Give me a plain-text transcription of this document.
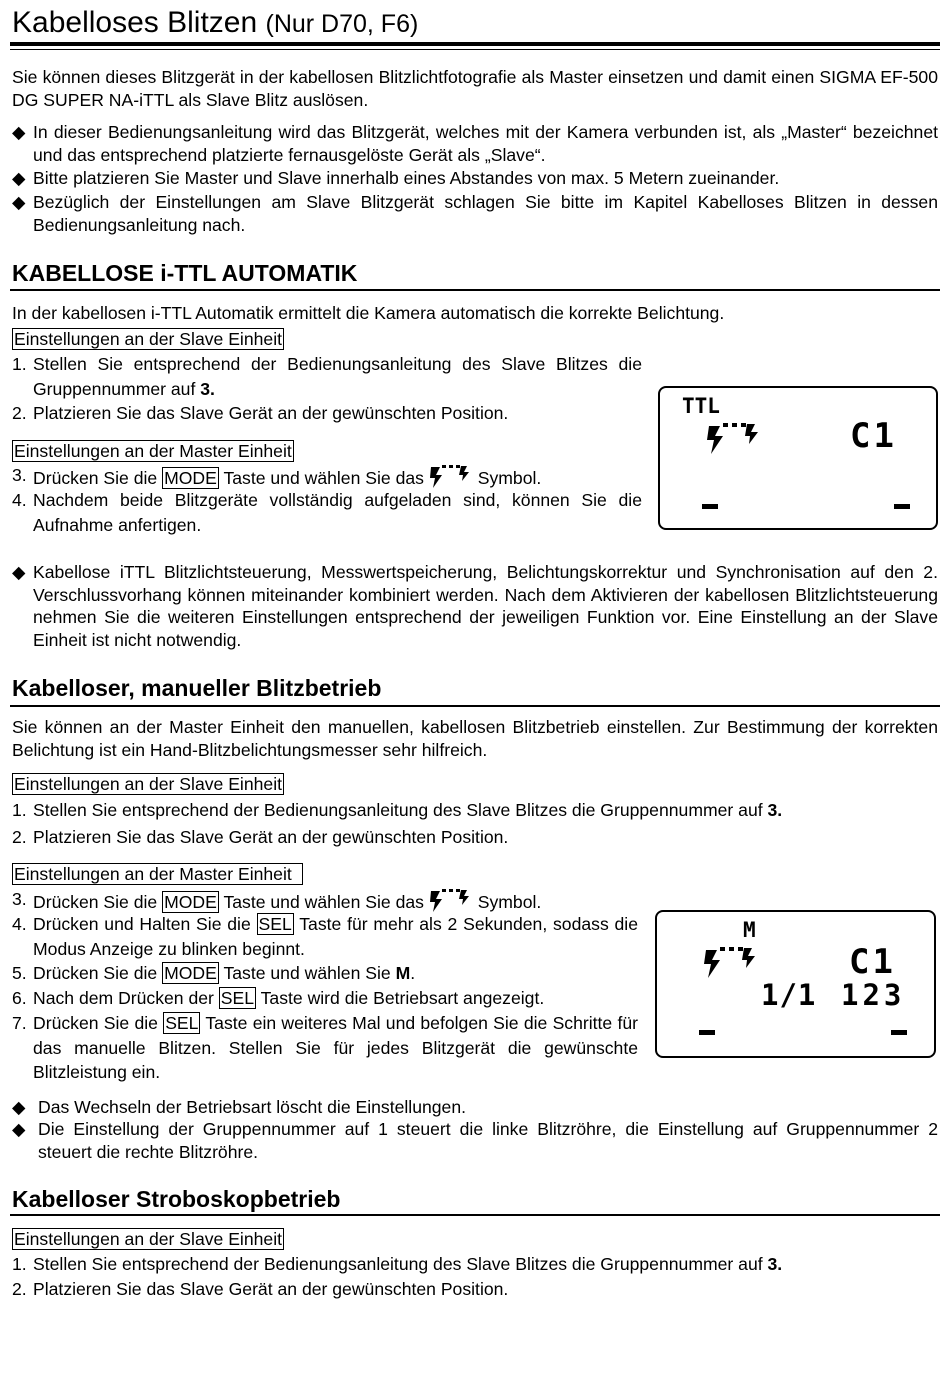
Kabelloses Blitzen (Nur D70, F6)
Sie können dieses Blitzgerät in der kabellosen Blitzlichtfotografie als Master einsetzen und damit einen SIGMA EF-500 DG SUPER NA-iTTL als Slave Blitz auslösen.
◆ In dieser Bedienungsanleitung wird das Blitzgerät, welches mit der Kamera verbunden ist, als „Master“ bezeichnet und das entsprechend platzierte fernausgelöste Gerät als „Slave“.
◆ Bitte platzieren Sie Master und Slave innerhalb eines Abstandes von max. 5 Metern zueinander.
◆ Bezüglich der Einstellungen am Slave Blitzgerät schlagen Sie bitte im Kapitel Kabelloses Blitzen in dessen Bedienungsanleitung nach.
KABELLOSE i-TTL AUTOMATIK
In der kabellosen i-TTL Automatik ermittelt die Kamera automatisch die korrekte Belichtung.
Einstellungen an der Slave Einheit
1. Stellen Sie entsprechend der Bedienungsanleitung des Slave Blitzes die Gruppennummer auf 3.
2. Platzieren Sie das Slave Gerät an der gewünschten Position.
Einstellungen an der Master Einheit
3. Drücken Sie die MODE Taste und wählen Sie das	Symbol.
4. Nachdem beide Blitzgeräte vollständig aufgeladen sind, können Sie die Aufnahme anfertigen.
TTL
C1
◆ Kabellose iTTL Blitzlichtsteuerung, Messwertspeicherung, Belichtungskorrektur und Synchronisation auf den 2. Verschlussvorhang können miteinander kombiniert werden. Nach dem Aktivieren der kabellosen Blitzlichtsteuerung nehmen Sie die weiteren Einstellungen entsprechend der jeweiligen Funktion vor. Eine Einstellung an der Slave Einheit ist nicht notwendig.
Kabelloser, manueller Blitzbetrieb
Sie können an der Master Einheit den manuellen, kabellosen Blitzbetrieb einstellen. Zur Bestimmung der korrekten Belichtung ist ein Hand-Blitzbelichtungsmesser sehr hilfreich.
Einstellungen an der Slave Einheit
1. Stellen Sie entsprechend der Bedienungsanleitung des Slave Blitzes die Gruppennummer auf 3.
2. Platzieren Sie das Slave Gerät an der gewünschten Position.
Einstellungen an der Master Einheit
3. Drücken Sie die MODE Taste und wählen Sie das	Symbol.
4. Drücken und Halten Sie die SEL Taste für mehr als 2 Sekunden, sodass die Modus Anzeige zu blinken beginnt.
5. Drücken Sie die MODE Taste und wählen Sie M.
6. Nach dem Drücken der SEL Taste wird die Betriebsart angezeigt.
7. Drücken Sie die SEL Taste ein weiteres Mal und befolgen Sie die Schritte für das manuelle Blitzen. Stellen Sie für jedes Blitzgerät die gewünschte Blitzleistung ein.
M
C1
1/1 123
◆ Das Wechseln der Betriebsart löscht die Einstellungen.
◆ Die Einstellung der Gruppennummer auf 1 steuert die linke Blitzröhre, die Einstellung auf Gruppennummer 2 steuert die rechte Blitzröhre.
Kabelloser Stroboskopbetrieb
Einstellungen an der Slave Einheit
1. Stellen Sie entsprechend der Bedienungsanleitung des Slave Blitzes die Gruppennummer auf 3.
2. Platzieren Sie das Slave Gerät an der gewünschten Position.
